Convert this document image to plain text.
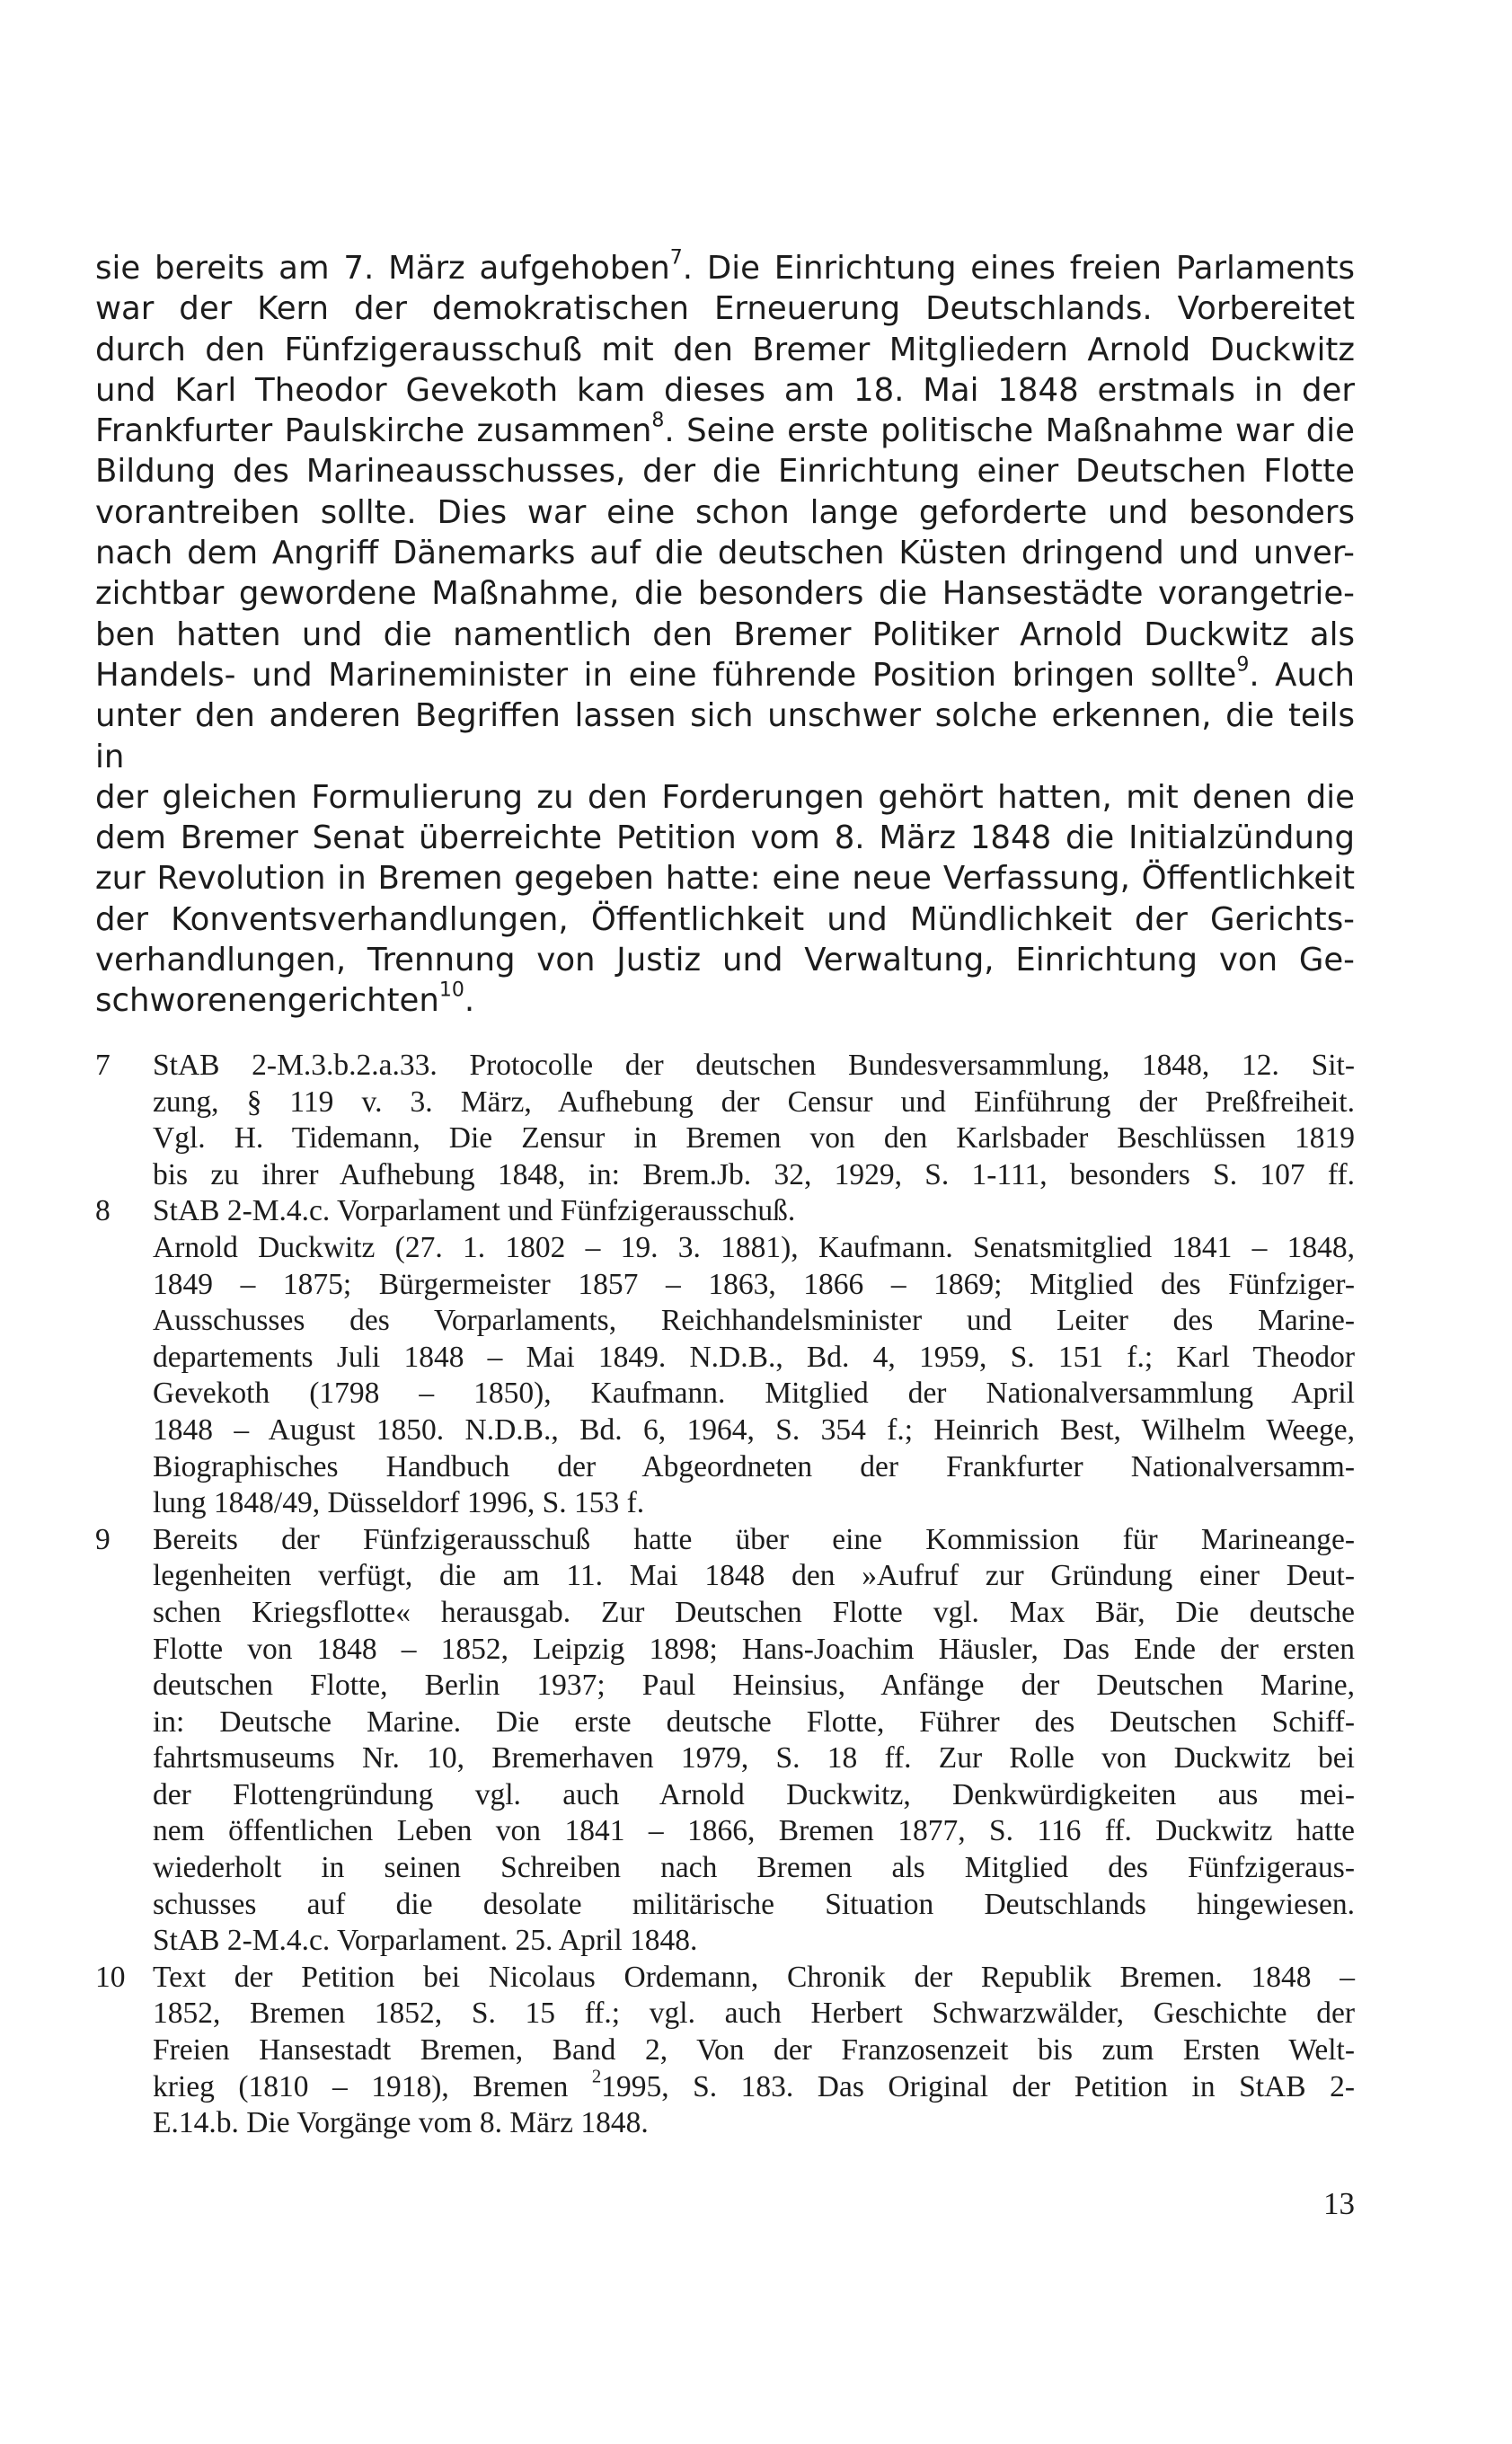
sie bereits am 7. März aufgehoben$^7$. Die Einrichtung eines freien Parlaments
war der Kern der demokratischen Erneuerung Deutschlands. Vorbereitet
durch den Fünfzigerausschuß mit den Bremer Mitgliedern Arnold Duckwitz
und Karl Theodor Gevekoth kam dieses am 18. Mai 1848 erstmals in der
Frankfurter Paulskirche zusammen$^8$. Seine erste politische Maßnahme war die
Bildung des Marineausschusses, der die Einrichtung einer Deutschen Flotte
vorantreiben sollte. Dies war eine schon lange geforderte und besonders
nach dem Angriff Dänemarks auf die deutschen Küsten dringend und unver-
zichtbar gewordene Maßnahme, die besonders die Hansestädte vorangetrie-
ben hatten und die namentlich den Bremer Politiker Arnold Duckwitz als
Handels- und Marineminister in eine führende Position bringen sollte$^9$. Auch
unter den anderen Begriffen lassen sich unschwer solche erkennen, die teils in
der gleichen Formulierung zu den Forderungen gehört hatten, mit denen die
dem Bremer Senat überreichte Petition vom 8. März 1848 die Initialzündung
zur Revolution in Bremen gegeben hatte: eine neue Verfassung, Öffentlichkeit
der Konventsverhandlungen, Öffentlichkeit und Mündlichkeit der Gerichts-
verhandlungen, Trennung von Justiz und Verwaltung, Einrichtung von Ge-
schworenengerichten$^{10}$.
7 StAB 2-M.3.b.2.a.33. Protocolle der deutschen Bundesversammlung, 1848, 12. Sit-
zung, § 119 v. 3. März, Aufhebung der Censur und Einführung der Preßfreiheit.
Vgl. H. Tidemann, Die Zensur in Bremen von den Karlsbader Beschlüssen 1819
bis zu ihrer Aufhebung 1848, in: Brem.Jb. 32, 1929, S. 1-111, besonders S. 107 ff.
8 StAB 2-M.4.c. Vorparlament und Fünfzigerausschuß.
Arnold Duckwitz (27. 1. 1802 – 19. 3. 1881), Kaufmann. Senatsmitglied 1841 – 1848,
1849 – 1875; Bürgermeister 1857 – 1863, 1866 – 1869; Mitglied des Fünfziger-
Ausschusses des Vorparlaments, Reichhandelsminister und Leiter des Marine-
departements Juli 1848 – Mai 1849. N.D.B., Bd. 4, 1959, S. 151 f.; Karl Theodor
Gevekoth (1798 – 1850), Kaufmann. Mitglied der Nationalversammlung April
1848 – August 1850. N.D.B., Bd. 6, 1964, S. 354 f.; Heinrich Best, Wilhelm Weege,
Biographisches Handbuch der Abgeordneten der Frankfurter Nationalversamm-
lung 1848/49, Düsseldorf 1996, S. 153 f.
9 Bereits der Fünfzigerausschuß hatte über eine Kommission für Marineange-
legenheiten verfügt, die am 11. Mai 1848 den »Aufruf zur Gründung einer Deut-
schen Kriegsflotte« herausgab. Zur Deutschen Flotte vgl. Max Bär, Die deutsche
Flotte von 1848 – 1852, Leipzig 1898; Hans-Joachim Häusler, Das Ende der ersten
deutschen Flotte, Berlin 1937; Paul Heinsius, Anfänge der Deutschen Marine,
in: Deutsche Marine. Die erste deutsche Flotte, Führer des Deutschen Schiff-
fahrtsmuseums Nr. 10, Bremerhaven 1979, S. 18 ff. Zur Rolle von Duckwitz bei
der Flottengründung vgl. auch Arnold Duckwitz, Denkwürdigkeiten aus mei-
nem öffentlichen Leben von 1841 – 1866, Bremen 1877, S. 116 ff. Duckwitz hatte
wiederholt in seinen Schreiben nach Bremen als Mitglied des Fünfzigeraus-
schusses auf die desolate militärische Situation Deutschlands hingewiesen.
StAB 2-M.4.c. Vorparlament. 25. April 1848.
10 Text der Petition bei Nicolaus Ordemann, Chronik der Republik Bremen. 1848 –
1852, Bremen 1852, S. 15 ff.; vgl. auch Herbert Schwarzwälder, Geschichte der
Freien Hansestadt Bremen, Band 2, Von der Franzosenzeit bis zum Ersten Welt-
krieg (1810 – 1918), Bremen $^2$1995, S. 183. Das Original der Petition in StAB 2-
E.14.b. Die Vorgänge vom 8. März 1848.
13
